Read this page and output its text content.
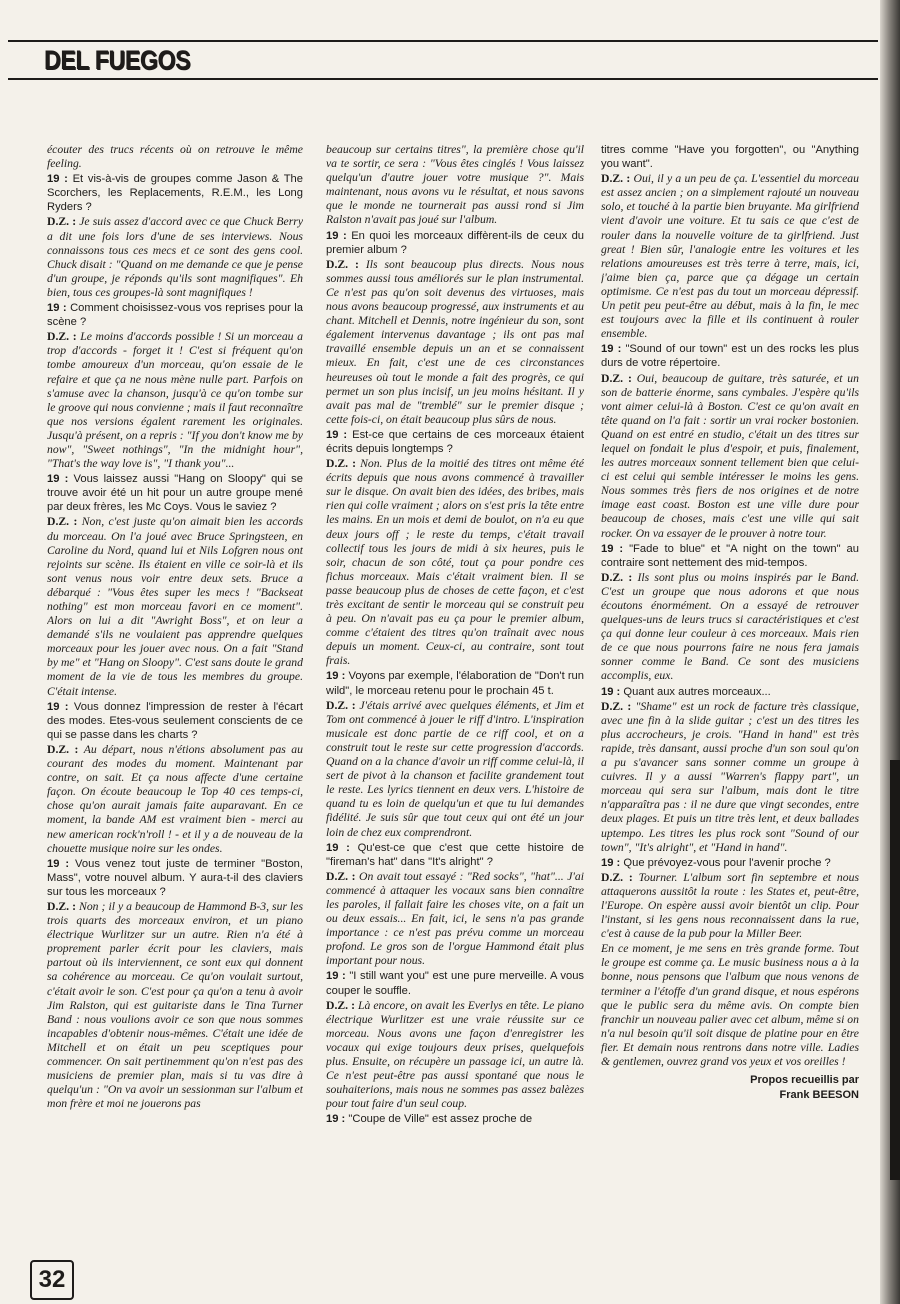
DEL FUEGOS

écouter des trucs récents où on retrouve le même feeling.

19 : Et vis-à-vis de groupes comme Jason & The Scorchers, les Replacements, R.E.M., les Long Ryders ?

D.Z. : Je suis assez d'accord avec ce que Chuck Berry a dit une fois lors d'une de ses interviews. Nous connaissons tous ces mecs et ce sont des gens cool. Chuck disait : "Quand on me demande ce que je pense d'un groupe, je réponds qu'ils sont magnifiques". Eh bien, tous ces groupes-là sont magnifiques !

19 : Comment choisissez-vous vos reprises pour la scène ?

D.Z. : Le moins d'accords possible ! Si un morceau a trop d'accords - forget it ! C'est si fréquent qu'on tombe amoureux d'un morceau, qu'on essaie de le refaire et que ça ne nous mène nulle part. Parfois on s'amuse avec la chanson, jusqu'à ce qu'on tombe sur le groove qui nous convienne ; mais il faut reconnaître que nos versions égalent rarement les originales. Jusqu'à présent, on a repris : "If you don't know me by now", "Sweet nothings", "In the midnight hour", "That's the way love is", "I thank you"...

19 : Vous laissez aussi "Hang on Sloopy" qui se trouve avoir été un hit pour un autre groupe mené par deux frères, les Mc Coys. Vous le saviez ?

D.Z. : Non, c'est juste qu'on aimait bien les accords du morceau. On l'a joué avec Bruce Springsteen, en Caroline du Nord, quand lui et Nils Lofgren nous ont rejoints sur scène. Ils étaient en ville ce soir-là et ils sont venus nous voir entre deux sets. Bruce a débarqué : "Vous êtes super les mecs ! "Backseat nothing" est mon morceau favori en ce moment". Alors on lui a dit "Awright Boss", et on leur a demandé s'ils ne voulaient pas apprendre quelques morceaux pour les jouer avec nous. On a fait "Stand by me" et "Hang on Sloopy". C'est sans doute le grand moment de la vie de tous les membres du groupe. C'était intense.

19 : Vous donnez l'impression de rester à l'écart des modes. Etes-vous seulement conscients de ce qui se passe dans les charts ?

D.Z. : Au départ, nous n'étions absolument pas au courant des modes du moment. Maintenant par contre, on sait. Et ça nous affecte d'une certaine façon. On écoute beaucoup le Top 40 ces temps-ci, chose qu'on aurait jamais faite auparavant. En ce moment, la bande AM est vraiment bien - merci au new american rock'n'roll ! - et il y a de nouveau de la chouette musique noire sur les ondes.

19 : Vous venez tout juste de terminer "Boston, Mass", votre nouvel album. Y aura-t-il des claviers sur tous les morceaux ?

D.Z. : Non ; il y a beaucoup de Hammond B-3, sur les trois quarts des morceaux environ, et un piano électrique Wurlitzer sur un autre. Rien n'a été à proprement parler écrit pour les claviers, mais partout où ils interviennent, ce sont eux qui donnent sa cohérence au morceau. Ce qu'on voulait surtout, c'était avoir le son. C'est pour ça qu'on a tenu à avoir Jim Ralston, qui est guitariste dans le Tina Turner Band : nous voulions avoir ce son que nous sommes incapables d'obtenir nous-mêmes. C'était une idée de Mitchell et on était un peu sceptiques pour commencer. On sait pertinemment qu'on n'est pas des musiciens de premier plan, mais si tu vas dire à quelqu'un : "On va avoir un sessionman sur l'album et mon frère et moi ne jouerons pas

beaucoup sur certains titres", la première chose qu'il va te sortir, ce sera : "Vous êtes cinglés ! Vous laissez quelqu'un d'autre jouer votre musique ?". Mais maintenant, nous avons vu le résultat, et nous savons que le monde ne tournerait pas aussi rond si Jim Ralston n'avait pas joué sur l'album.

19 : En quoi les morceaux diffèrent-ils de ceux du premier album ?

D.Z. : Ils sont beaucoup plus directs. Nous nous sommes aussi tous améliorés sur le plan instrumental. Ce n'est pas qu'on soit devenus des virtuoses, mais nous avons beaucoup progressé, aux instruments et au chant. Mitchell et Dennis, notre ingénieur du son, sont également intervenus davantage ; ils ont pas mal travaillé ensemble depuis un an et se connaissent mieux. En fait, c'est une de ces circonstances heureuses où tout le monde a fait des progrès, ce qui permet un son plus incisif, un jeu moins hésitant. Il y avait pas mal de "tremblé" sur le premier disque ; cette fois-ci, on était beaucoup plus sûrs de nous.

19 : Est-ce que certains de ces morceaux étaient écrits depuis longtemps ?

D.Z. : Non. Plus de la moitié des titres ont même été écrits depuis que nous avons commencé à travailler sur le disque. On avait bien des idées, des bribes, mais rien qui colle vraiment ; alors on s'est pris la tête entre les mains. En un mois et demi de boulot, on n'a eu que deux jours off ; le reste du temps, c'était travail collectif tous les jours de midi à six heures, puis le soir, chacun de son côté, tout ça pour pondre ces fichus morceaux. Mais c'était vraiment bien. Il se passe beaucoup plus de choses de cette façon, et c'est très excitant de sentir le morceau qui se construit peu à peu. On n'avait pas eu ça pour le premier album, comme c'étaient des titres qu'on traînait avec nous depuis un moment. Ceux-ci, au contraire, sont tout frais.

19 : Voyons par exemple, l'élaboration de "Don't run wild", le morceau retenu pour le prochain 45 t.

D.Z. : J'étais arrivé avec quelques éléments, et Jim et Tom ont commencé à jouer le riff d'intro. L'inspiration musicale est donc partie de ce riff cool, et on a construit tout le reste sur cette progression d'accords. Quand on a la chance d'avoir un riff comme celui-là, il sert de pivot à la chanson et facilite grandement tout le reste. Les lyrics tiennent en deux vers. L'histoire de quand tu es loin de quelqu'un et que tu lui demandes fidélité. Je suis sûr que tout ceux qui ont été un jour loin de chez eux comprendront.

19 : Qu'est-ce que c'est que cette histoire de "fireman's hat" dans "It's alright" ?

D.Z. : On avait tout essayé : "Red socks", "hat"... J'ai commencé à attaquer les vocaux sans bien connaître les paroles, il fallait faire les choses vite, on a fait un ou deux essais... En fait, ici, le sens n'a pas grande importance : ce n'est pas prévu comme un morceau profond. Le gros son de l'orgue Hammond était plus important pour nous.

19 : "I still want you" est une pure merveille. A vous couper le souffle.

D.Z. : Là encore, on avait les Everlys en tête. Le piano électrique Wurlitzer est une vraie réussite sur ce morceau. Nous avons une façon d'enregistrer les vocaux qui exige toujours deux prises, quelquefois plus. Ensuite, on récupère un passage ici, un autre là. Ce n'est peut-être pas aussi spontané que nous le souhaiterions, mais nous ne sommes pas assez balèzes pour tout faire d'un seul coup.

19 : "Coupe de Ville" est assez proche de

titres comme "Have you forgotten", ou "Anything you want".

D.Z. : Oui, il y a un peu de ça. L'essentiel du morceau est assez ancien ; on a simplement rajouté un nouveau solo, et touché à la partie bien bruyante. Ma girlfriend vient d'avoir une voiture. Et tu sais ce que c'est de rouler dans la nouvelle voiture de ta girlfriend. Just great ! Bien sûr, l'analogie entre les voitures et les relations amoureuses est très terre à terre, mais, ici, j'aime bien ça, parce que ça dégage un certain optimisme. Ce n'est pas du tout un morceau dépressif. Un petit peu peut-être au début, mais à la fin, le mec est toujours avec la fille et ils continuent à rouler ensemble.

19 : "Sound of our town" est un des rocks les plus durs de votre répertoire.

D.Z. : Oui, beaucoup de guitare, très saturée, et un son de batterie énorme, sans cymbales. J'espère qu'ils vont aimer celui-là à Boston. C'est ce qu'on avait en tête quand on l'a fait : sortir un vrai rocker bostonien. Quand on est entré en studio, c'était un des titres sur lequel on fondait le plus d'espoir, et puis, finalement, les autres morceaux sonnent tellement bien que celui-ci est celui qui semble intéresser le moins les gens. Nous sommes très fiers de nos origines et de notre image east coast. Boston est une ville dure pour beaucoup de choses, mais c'est une ville qui sait rocker. On va essayer de le prouver à notre tour.

19 : "Fade to blue" et "A night on the town" au contraire sont nettement des mid-tempos.

D.Z. : Ils sont plus ou moins inspirés par le Band. C'est un groupe que nous adorons et que nous écoutons énormément. On a essayé de retrouver quelques-uns de leurs trucs si caractéristiques et c'est ça qui donne leur couleur à ces morceaux. Mais rien de ce que nous pourrons faire ne nous fera jamais sonner comme le Band. Ce sont des musiciens accomplis, eux.

19 : Quant aux autres morceaux...

D.Z. : "Shame" est un rock de facture très classique, avec une fin à la slide guitar ; c'est un des titres les plus accrocheurs, je crois. "Hand in hand" est très rapide, très dansant, aussi proche d'un son soul qu'on a pu s'avancer sans sonner comme un groupe à cuivres. Il y a aussi "Warren's flappy part", un morceau qui sera sur l'album, mais dont le titre n'apparaîtra pas : il ne dure que vingt secondes, entre deux plages. Et puis un titre très lent, et deux ballades uptempo. Les titres les plus rock sont "Sound of our town", "It's alright", et "Hand in hand".

19 : Que prévoyez-vous pour l'avenir proche ?

D.Z. : Tourner. L'album sort fin septembre et nous attaquerons aussitôt la route : les States et, peut-être, l'Europe. On espère aussi avoir bientôt un clip. Pour l'instant, si les gens nous reconnaissent dans la rue, c'est à cause de la pub pour la Miller Beer.

En ce moment, je me sens en très grande forme. Tout le groupe est comme ça. Le music business nous a à la bonne, nous pensons que l'album que nous venons de terminer a l'étoffe d'un grand disque, et nous espérons que le public sera du même avis. On compte bien franchir un nouveau palier avec cet album, même si on n'a nul besoin qu'il soit disque de platine pour en être fier. Et demain nous rentrons dans notre ville. Ladies & gentlemen, ouvrez grand vos yeux et vos oreilles !

Propos recueillis par
Frank BEESON
32
